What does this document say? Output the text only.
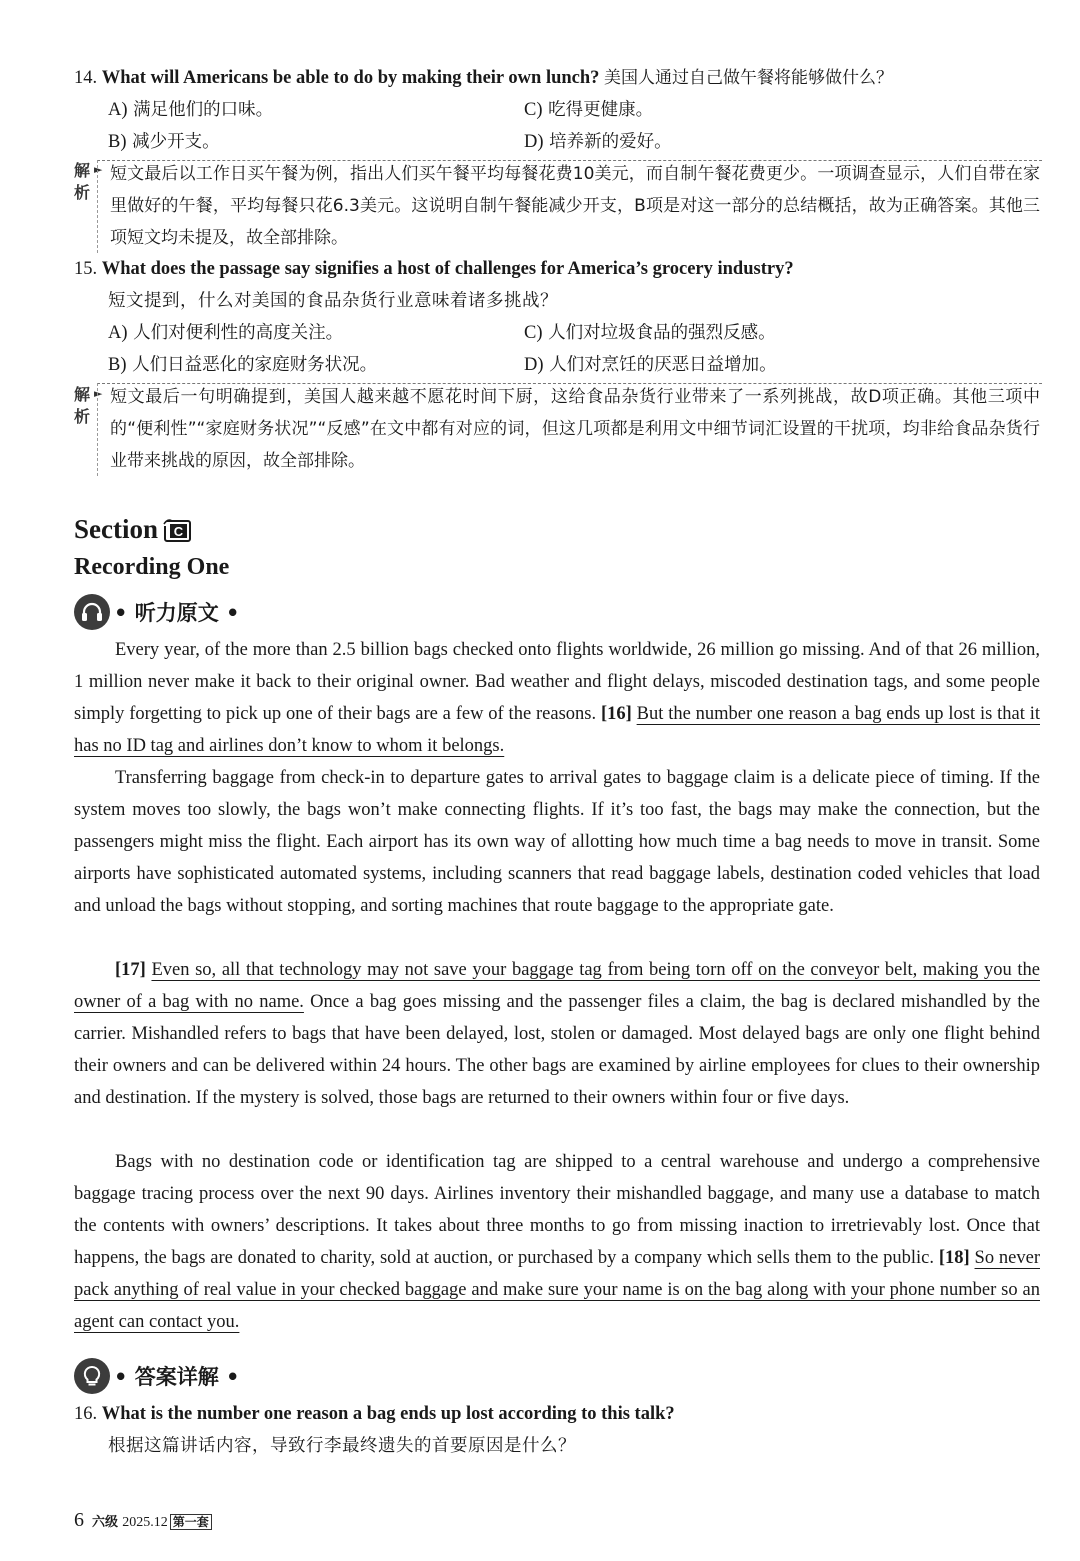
14. What will Americans be able to do by making their own lunch? 美国人通过自己做午餐将能够做什么？
A) 满足他们的口味。	C) 吃得更健康。
B) 减少开支。	D) 培养新的爱好。
解析
► 短文最后以工作日买午餐为例，指出人们买午餐平均每餐花费10美元，而自制午餐花费更少。一项调查显示，人们自带在家里做好的午餐，平均每餐只花6.3美元。这说明自制午餐能减少开支，B项是对这一部分的总结概括，故为正确答案。其他三项短文均未提及，故全部排除。
15. What does the passage say signifies a host of challenges for America’s grocery industry?
短文提到，什么对美国的食品杂货行业意味着诸多挑战？
A) 人们对便利性的高度关注。	C) 人们对垃圾食品的强烈反感。
B) 人们日益恶化的家庭财务状况。	D) 人们对烹饪的厌恶日益增加。
解析
► 短文最后一句明确提到，美国人越来越不愿花时间下厨，这给食品杂货行业带来了一系列挑战，故D项正确。其他三项中的“便利性”“家庭财务状况”“反感”在文中都有对应的词，但这几项都是利用文中细节词汇设置的干扰项，均非给食品杂货行业带来挑战的原因，故全部排除。
Section C
Recording One
• 听力原文 •
Every year, of the more than 2.5 billion bags checked onto flights worldwide, 26 million go missing. And of that 26 million, 1 million never make it back to their original owner. Bad weather and flight delays, miscoded destination tags, and some people simply forgetting to pick up one of their bags are a few of the reasons. [16] But the number one reason a bag ends up lost is that it has no ID tag and airlines don’t know to whom it belongs.
Transferring baggage from check-in to departure gates to arrival gates to baggage claim is a delicate piece of timing. If the system moves too slowly, the bags won’t make connecting flights. If it’s too fast, the bags may make the connection, but the passengers might miss the flight. Each airport has its own way of allotting how much time a bag needs to move in transit. Some airports have sophisticated automated systems, including scanners that read baggage labels, destination coded vehicles that load and unload the bags without stopping, and sorting machines that route baggage to the appropriate gate.
[17] Even so, all that technology may not save your baggage tag from being torn off on the conveyor belt, making you the owner of a bag with no name. Once a bag goes missing and the passenger files a claim, the bag is declared mishandled by the carrier. Mishandled refers to bags that have been delayed, lost, stolen or damaged. Most delayed bags are only one flight behind their owners and can be delivered within 24 hours. The other bags are examined by airline employees for clues to their ownership and destination. If the mystery is solved, those bags are returned to their owners within four or five days.
Bags with no destination code or identification tag are shipped to a central warehouse and undergo a comprehensive baggage tracing process over the next 90 days. Airlines inventory their mishandled baggage, and many use a database to match the contents with owners’ descriptions. It takes about three months to go from missing inaction to irretrievably lost. Once that happens, the bags are donated to charity, sold at auction, or purchased by a company which sells them to the public. [18] So never pack anything of real value in your checked baggage and make sure your name is on the bag along with your phone number so an agent can contact you.
• 答案详解 •
16. What is the number one reason a bag ends up lost according to this talk?
根据这篇讲话内容，导致行李最终遗失的首要原因是什么？
6 六级 2025.12 第一套
